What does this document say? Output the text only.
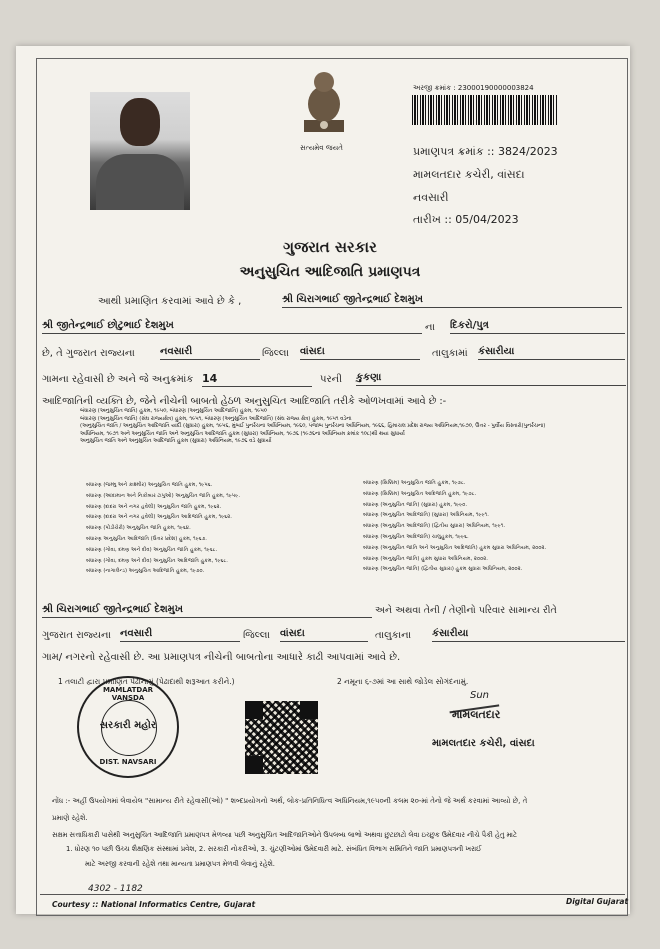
સત્યમેવ જયતે
અરજી ક્રમાંક : 23000190000003824
પ્રમાણપત્ર ક્રમાંક :: 3824/2023
મામલતદાર કચેરી, વાંસદા
નવસારી
તારીખ :: 05/04/2023
ગુજરાત સરકાર
અનુસુચિત આદિજાતિ પ્રમાણપત્ર
આથી પ્રમાણિત કરવામાં આવે છે કે ,	શ્રી ચિરાગભાઈ જીતેન્દ્રભાઈ દેશમુખ
શ્રી જીતેન્દ્રભાઈ છોટુભાઈ દેશમુખ	ના દિકરો/પુત્ર
છે, તે ગુજરાત રાજ્યના	નવસારી	જિલ્લા વાંસદા	તાલુકામાં કંસારીયા
ગામના રહેવાસી છે અને જે અનુક્રમાંક 14	પરની કુકણા
આદિજાતિની વ્યક્તિ છે, જેને નીચેની બાબતો હેઠળ અનુસુચિત આદિજાતિ તરીકે ઓળખવામાં આવે છે :-
બંધારણ (અનુસુચિત જાતિ) હુકમ, ૧૯૫૦, બંધારણ (અનુસુચિત આદિજાતિ) હુકમ, ૧૯૫૦
બંધારણ (અનુસુચિત જાતિ) (સંઘ રાજ્યક્ષેત્ર) હુકમ, ૧૯૫૧, બંધારણ (અનુસુચિત આદિજાતિ) (સંઘ રાજ્ય ક્ષેત્ર) હુકમ, ૧૯૫૧ વડેના
(અનુસુચિત જાતિ / અનુસુચિત આદિજાતિ યાદી (સુધારા) હુકમ, ૧૯૫૬, મુંબઈ પુનર્રચના અધિનિયમ, ૧૯૬૦, પંજાબ પુનર્રચના અધિનિયમ, ૧૯૬૬, હિમાચલ પ્રદેશ રાજ્ય અધિનિયમ,૧૯૭૦, ઉત્તર - પુર્વીય વિસ્તારો(પુનર્રચના)
અધિનિયમ, ૧૯૭૧ અને અનુસુચિત જાતિ અને અનુસુચિત આદિજાતિ હુકમ (સુધારા) અધિનિયમ, ૧૯૭૬ (૧૯૭૬ના અધિનિયમ ક્રમાંક ૧૦૮)થી થયા સુધાર્યા
અનુસુચિત જાતિ અને અનુસુચિત આદિજાતિ હુકમ (સુધારા) અધિનિયમ, ૧૯૭૬ વડે સુધાર્યા
બંધારણ (જમ્મુ અને કાશ્મીર) અનુસુચિત જાતિ હુકમ, ૧૯૫૬.
બંધારણ (આંદામાન અને નિકોબાર ટાપુઓ) અનુસુચિત જાતિ હુકમ, ૧૯૫૯.
બંધારણ (દાદરા અને નગર હવેલી) અનુસુચિત જાતિ હુકમ, ૧૯૬૨.
બંધારણ (દાદરા અને નગર હવેલી) અનુસુચિત આદિજાતિ હુકમ, ૧૯૬૨.
બંધારણ (પોંડીચેરી) અનુસુચિત જાતિ હુકમ, ૧૯૬૪.
બંધારણ અનુસુચિત આદિજાતિ (ઉત્તર પ્રદેશ) હુકમ, ૧૯૬૭.
બંધારણ (ગોવા, દમણ અને દીવ) અનુસુચિત જાતિ હુકમ, ૧૯૬૮.
બંધારણ (ગોવા, દમણ અને દીવ) અનુસુચિત આદિજાતિ હુકમ, ૧૯૬૮.
બંધારણ (નાગાલેન્ડ) અનુસુચિત આદિજાતિ હુકમ, ૧૯૭૦.
બંધારણ (સિક્કિમ) અનુસુચિત જાતિ હુકમ, ૧૯૭૮.
બંધારણ (સિક્કિમ) અનુસુચિત આદિજાતિ હુકમ, ૧૯૭૮.
બંધારણ (અનુસુચિત જાતિ) (સુધારા) હુકમ, ૧૯૯૦.
બંધારણ (અનુસુચિત આદિજાતિ) (સુધારા) અધિનિયમ, ૧૯૯૧.
બંધારણ (અનુસુચિત આદિજાતિ) (દ્વિતીય સુધારા) અધિનિયમ, ૧૯૯૧.
બંધારણ (અનુસુચિત આદિજાતિ) ચાલુહુકમ, ૧૯૯૬.
બંધારણ (અનુસુચિત જાતિ અને અનુસુચિત આદિજાતિ) હુકમ સુધારા અધિનિયમ, ૨૦૦૨.
બંધારણ (અનુસુચિત જાતિ) હુકમ સુધારા અધિનિયમ, ૨૦૦૨.
બંધારણ (અનુસુચિત જાતિ) (દ્વિતીય સુધારા) હુકમ સુધારા અધિનિયમ, ૨૦૦૨.
શ્રી ચિરાગભાઈ જીતેન્દ્રભાઈ દેશમુખ	અને અથવા તેની / તેણીનો પરિવાર સામાન્ય રીતે
ગુજરાત રાજ્યના નવસારી	જિલ્લા વાંસદા	તાલુકાના કંસારીયા
ગામ/ નગરનો રહેવાસી છે. આ પ્રમાણપત્ર નીચેની બાબતોના આધારે કાઢી આપવામાં આવે છે.
1 તલાટી દ્વારા પ્રમાણિત પેઢીનામું (પેઢાદાથી શરૂઆત કરીને.)	2 નમૂના ૬-૭માં આ સાથે જોડેલ સોગંદનામું.
MAMLATDAR VANSDA
સરકારી મહોર
DIST. NAVSARI
Sun
મામલતદાર
મામલતદાર કચેરી, વાંસદા
નોંધ :- અહીં ઉપયોગમાં લેવાયેલ "સામાન્ય રીતે રહેવાસી(ઓ) " શબ્દપ્રયોગનો અર્થ, લોક-પ્રતિનિધિત્વ અધિનિયમ,૧૯૫૦ની કલમ ૨૦-માં તેનો જે અર્થ કરવામાં આવ્યો છે, તે
પ્રમાણે રહેશે.
સક્ષમ સત્તાધિકારી પાસેથી અનુસુચિત આદિજાતિ પ્રમાણપત્ર મેળવ્યા પછી અનુસુચિત આદિજાતિઓને ઉપલબ્ધ લાભો અથવા છુટછાટો લેવા ઇચ્છુક ઉમેદવાર નીચે પૈકી હેતુ માટે
1. ધોરણ ૧૦ પછી ઉચ્ચ શૈક્ષણિક સંસ્થામાં પ્રવેશ, 2. સરકારી નોકરીઓ, 3. ચુંટણીઓમાં ઉમેદવારી માટે. સંબંધિત વિભાગ સમિતિને જાતિ પ્રમાણપત્રની ખરાઈ
માટે અરજી કરવાની રહેશે તથા માન્યતા પ્રમાણપત્ર મેળવી લેવાનું રહેશે.
4302 - 1182
Courtesy :: National Informatics Centre, Gujarat	Digital Gujarat
